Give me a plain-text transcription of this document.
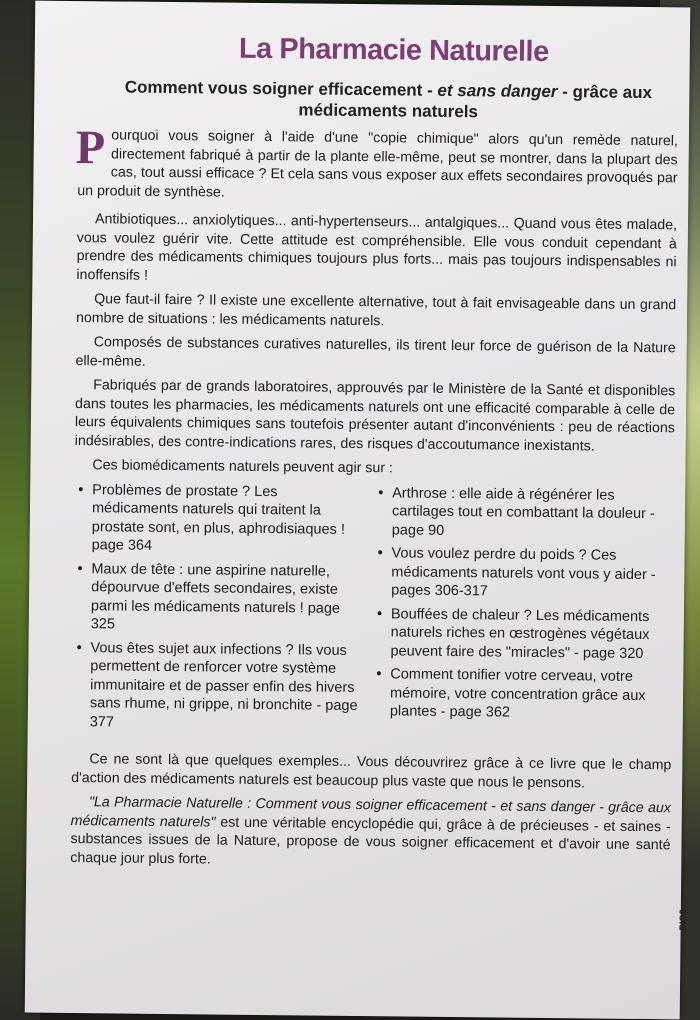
La Pharmacie Naturelle
Comment vous soigner efficacement - et sans danger - grâce aux médicaments naturels
P ourquoi vous soigner à l'aide d'une "copie chimique" alors qu'un remède naturel, directement fabriqué à partir de la plante elle-même, peut se montrer, dans la plupart des cas, tout aussi efficace ? Et cela sans vous exposer aux effets secondaires provoqués par un produit de synthèse.

Antibiotiques... anxiolytiques... anti-hypertenseurs... antalgiques... Quand vous êtes malade, vous voulez guérir vite. Cette attitude est compréhensible. Elle vous conduit cependant à prendre des médicaments chimiques toujours plus forts... mais pas toujours indispensables ni inoffensifs !

Que faut-il faire ? Il existe une excellente alternative, tout à fait envisageable dans un grand nombre de situations : les médicaments naturels.

Composés de substances curatives naturelles, ils tirent leur force de guérison de la Nature elle-même.

Fabriqués par de grands laboratoires, approuvés par le Ministère de la Santé et disponibles dans toutes les pharmacies, les médicaments naturels ont une efficacité comparable à celle de leurs équivalents chimiques sans toutefois présenter autant d'inconvénients : peu de réactions indésirables, des contre-indications rares, des risques d'accoutumance inexistants.

Ces biomédicaments naturels peuvent agir sur :

• Problèmes de prostate ? Les médicaments naturels qui traitent la prostate sont, en plus, aphrodisiaques ! page 364
• Maux de tête : une aspirine naturelle, dépourvue d'effets secondaires, existe parmi les médicaments naturels ! page 325
• Vous êtes sujet aux infections ? Ils vous permettent de renforcer votre système immunitaire et de passer enfin des hivers sans rhume, ni grippe, ni bronchite - page 377
• Arthrose : elle aide à régénérer les cartilages tout en combattant la douleur - page 90
• Vous voulez perdre du poids ? Ces médicaments naturels vont vous y aider - pages 306-317
• Bouffées de chaleur ? Les médicaments naturels riches en œstrogènes végétaux peuvent faire des "miracles" - page 320
• Comment tonifier votre cerveau, votre mémoire, votre concentration grâce aux plantes - page 362

Ce ne sont là que quelques exemples... Vous découvrirez grâce à ce livre que le champ d'action des médicaments naturels est beaucoup plus vaste que nous le pensons.

"La Pharmacie Naturelle : Comment vous soigner efficacement - et sans danger - grâce aux médicaments naturels" est une véritable encyclopédie qui, grâce à de précieuses - et saines - substances issues de la Nature, propose de vous soigner efficacement et d'avoir une santé chaque jour plus forte.

BIO2
